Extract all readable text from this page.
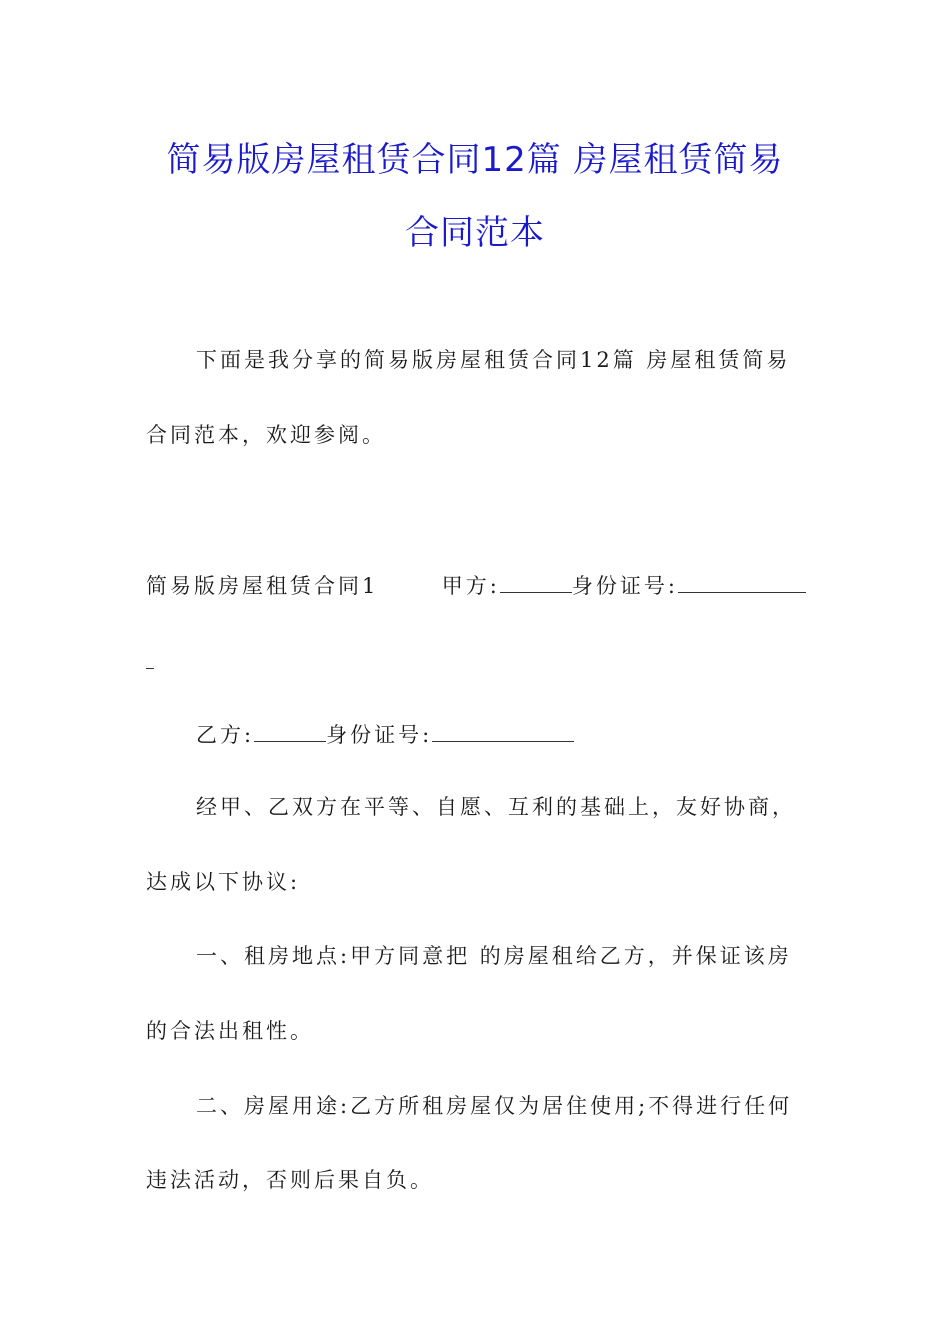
简易版房屋租赁合同12篇 房屋租赁简易
合同范本
下面是我分享的简易版房屋租赁合同12篇 房屋租赁简易
合同范本，欢迎参阅。
简易版房屋租赁合同1	甲方:	身份证号:
乙方:	身份证号:
经甲、乙双方在平等、自愿、互利的基础上，友好协商，
达成以下协议:
一、租房地点:甲方同意把 的房屋租给乙方，并保证该房
的合法出租性。
二、房屋用途:乙方所租房屋仅为居住使用;不得进行任何
违法活动，否则后果自负。
